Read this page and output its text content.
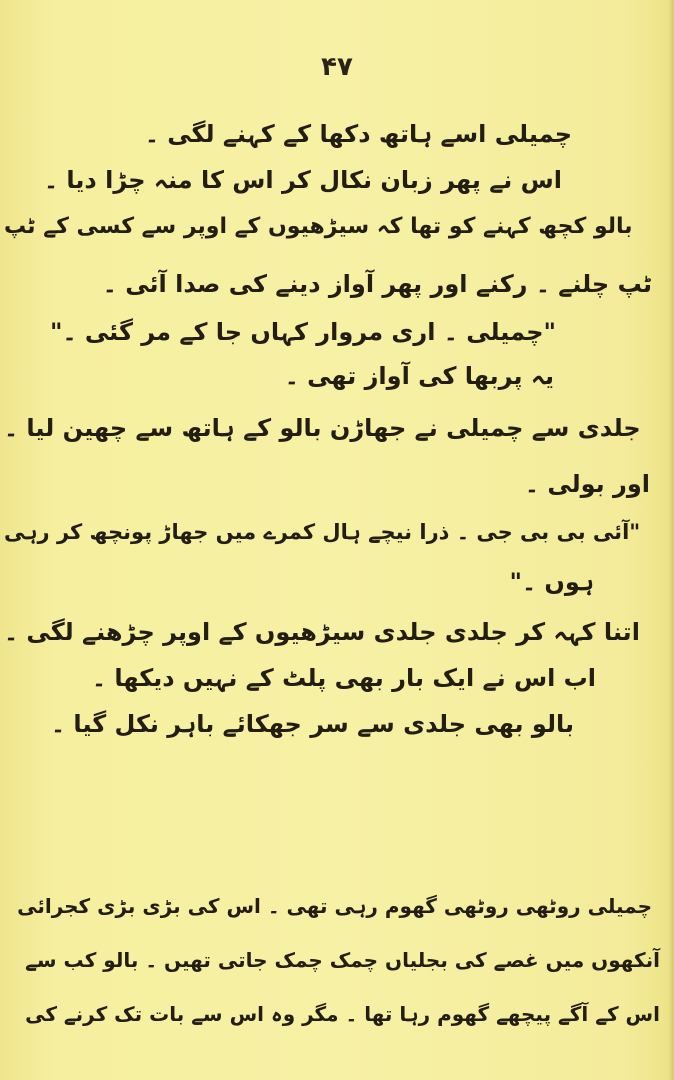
۴۷
چمیلی اسے ہاتھ دکھا کے کہنے لگی ۔
اس نے پھر زبان نکال کر اس کا منہ چڑا دیا ۔
بالو کچھ کہنے کو تھا کہ سیڑھیوں کے اوپر سے کسی کے ٹپ
ٹپ چلنے ۔ رکنے اور پھر آواز دینے کی صدا آئی ۔
"چمیلی ۔ اری مروار کہاں جا کے مر گئی ۔"
یہ پربھا کی آواز تھی ۔
جلدی سے چمیلی نے جھاڑن بالو کے ہاتھ سے چھین لیا ۔
اور بولی ۔
"آئی بی بی جی ۔ ذرا نیچے ہال کمرے میں جھاڑ پونچھ کر رہی
ہوں ۔"
اتنا کہہ کر جلدی جلدی سیڑھیوں کے اوپر چڑھنے لگی ۔
اب اس نے ایک بار بھی پلٹ کے نہیں دیکھا ۔
بالو بھی جلدی سے سر جھکائے باہر نکل گیا ۔
چمیلی روٹھی روٹھی گھوم رہی تھی ۔ اس کی بڑی بڑی کجرائی
آنکھوں میں غصے کی بجلیاں چمک چمک جاتی تھیں ۔ بالو کب سے
اس کے آگے پیچھے گھوم رہا تھا ۔ مگر وہ اس سے بات تک کرنے کی
